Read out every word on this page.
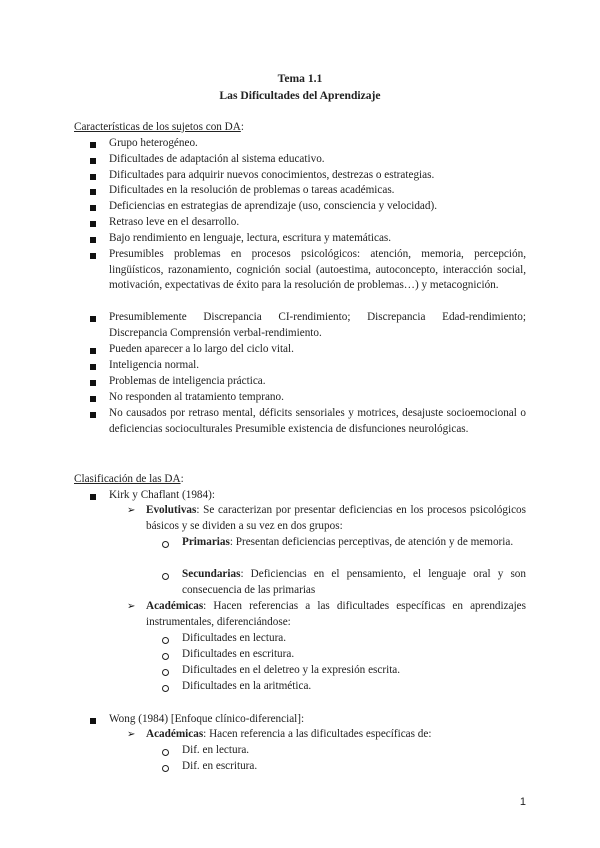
Tema 1.1
Las Dificultades del Aprendizaje
Características de los sujetos con DA:
Grupo heterogéneo.
Dificultades de adaptación al sistema educativo.
Dificultades para adquirir nuevos conocimientos, destrezas o estrategias.
Dificultades en la resolución de problemas o tareas académicas.
Deficiencias en estrategias de aprendizaje (uso, consciencia y velocidad).
Retraso leve en el desarrollo.
Bajo rendimiento en lenguaje, lectura, escritura y matemáticas.
Presumibles problemas en procesos psicológicos: atención, memoria, percepción, lingüísticos, razonamiento, cognición social (autoestima, autoconcepto, interacción social, motivación, expectativas de éxito para la resolución de problemas…) y metacognición.
Presumiblemente Discrepancia CI-rendimiento; Discrepancia Edad-rendimiento; Discrepancia Comprensión verbal-rendimiento.
Pueden aparecer a lo largo del ciclo vital.
Inteligencia normal.
Problemas de inteligencia práctica.
No responden al tratamiento temprano.
No causados por retraso mental, déficits sensoriales y motrices, desajuste socioemocional o deficiencias socioculturales Presumible existencia de disfunciones neurológicas.
Clasificación de las DA:
Kirk y Chaflant (1984):
➢ Evolutivas: Se caracterizan por presentar deficiencias en los procesos psicológicos básicos y se dividen a su vez en dos grupos:
Primarias: Presentan deficiencias perceptivas, de atención y de memoria.
Secundarias: Deficiencias en el pensamiento, el lenguaje oral y son consecuencia de las primarias
➢ Académicas: Hacen referencias a las dificultades específicas en aprendizajes instrumentales, diferenciándose:
Dificultades en lectura.
Dificultades en escritura.
Dificultades en el deletreo y la expresión escrita.
Dificultades en la aritmética.
Wong (1984) [Enfoque clínico-diferencial]:
➢ Académicas: Hacen referencia a las dificultades específicas de:
Dif. en lectura.
Dif. en escritura.
1
